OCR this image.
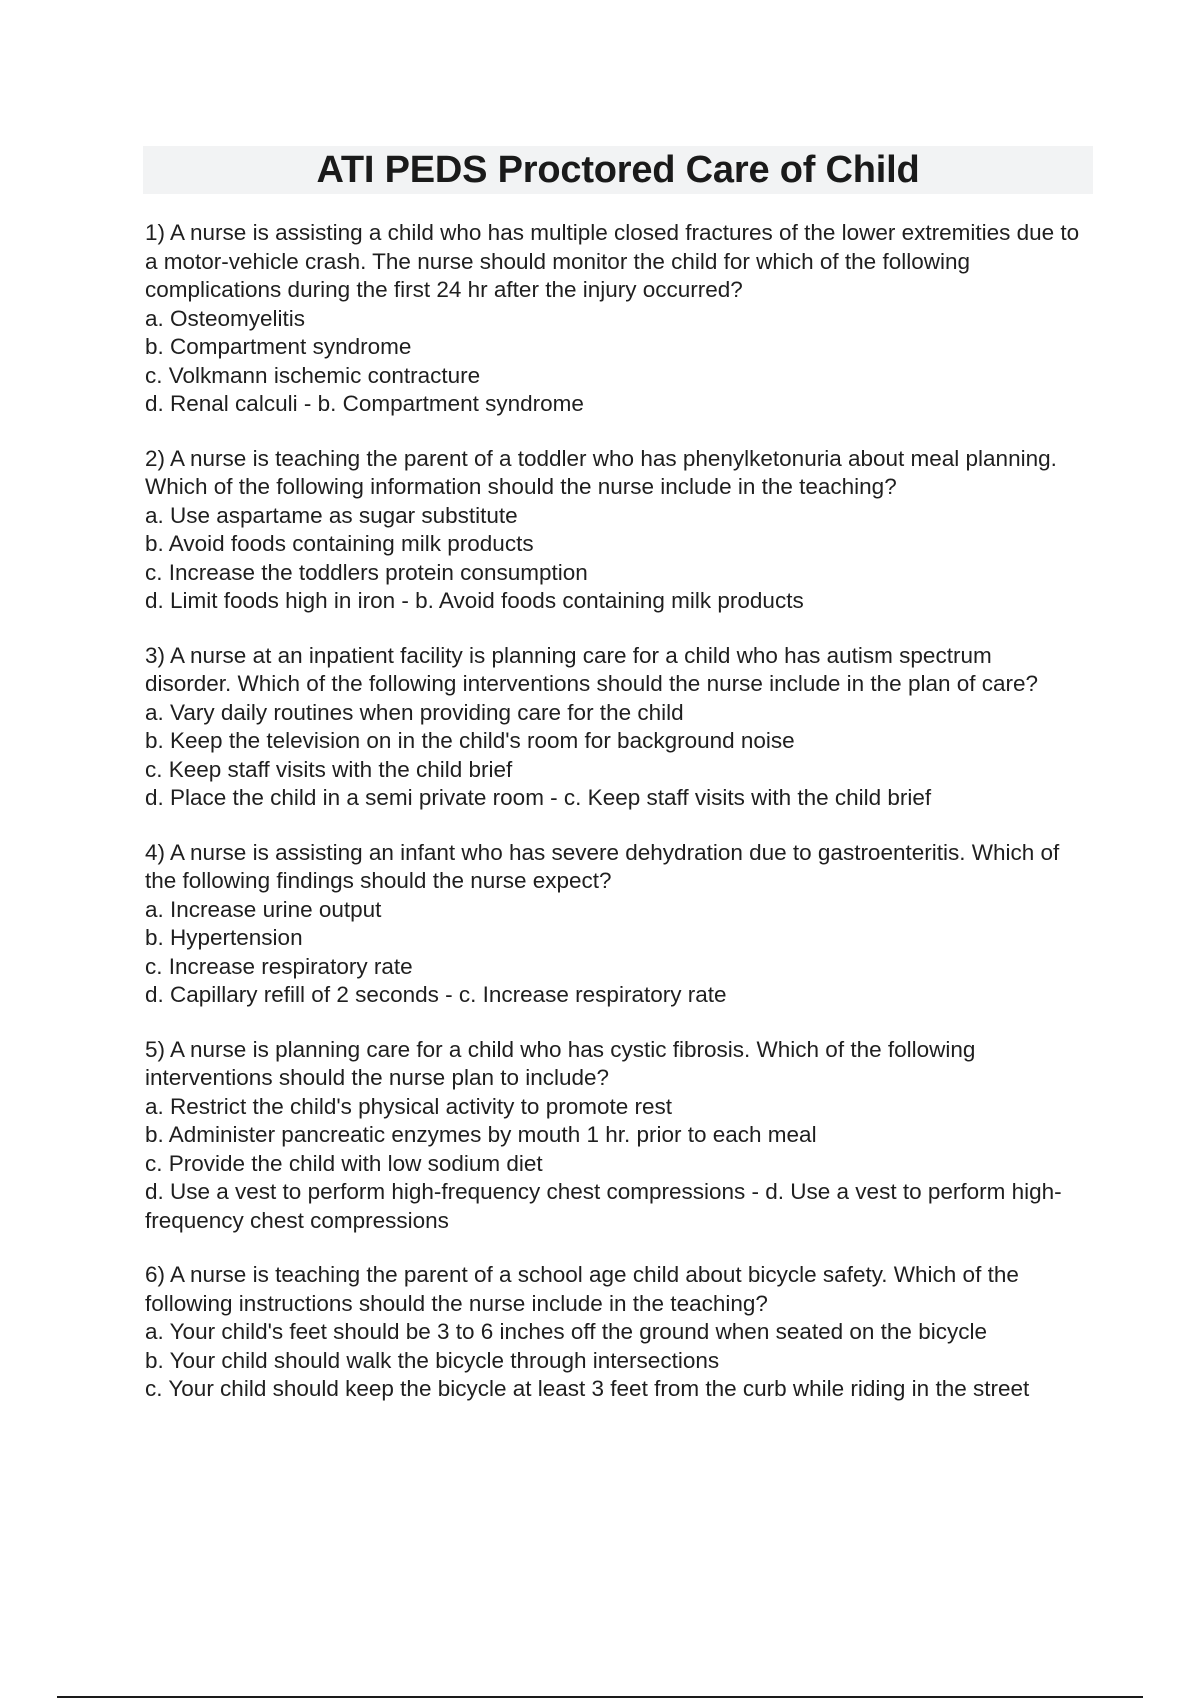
ATI PEDS Proctored Care of Child
1) A nurse is assisting a child who has multiple closed fractures of the lower extremities due to a motor-vehicle crash. The nurse should monitor the child for which of the following complications during the first 24 hr after the injury occurred?
a. Osteomyelitis
b. Compartment syndrome
c. Volkmann ischemic contracture
d. Renal calculi - b. Compartment syndrome
2) A nurse is teaching the parent of a toddler who has phenylketonuria about meal planning. Which of the following information should the nurse include in the teaching?
a. Use aspartame as sugar substitute
b. Avoid foods containing milk products
c. Increase the toddlers protein consumption
d. Limit foods high in iron - b. Avoid foods containing milk products
3) A nurse at an inpatient facility is planning care for a child who has autism spectrum disorder. Which of the following interventions should the nurse include in the plan of care?
a. Vary daily routines when providing care for the child
b. Keep the television on in the child's room for background noise
c. Keep staff visits with the child brief
d. Place the child in a semi private room - c. Keep staff visits with the child brief
4) A nurse is assisting an infant who has severe dehydration due to gastroenteritis. Which of the following findings should the nurse expect?
a. Increase urine output
b. Hypertension
c. Increase respiratory rate
d. Capillary refill of 2 seconds - c. Increase respiratory rate
5) A nurse is planning care for a child who has cystic fibrosis. Which of the following interventions should the nurse plan to include?
a. Restrict the child's physical activity to promote rest
b. Administer pancreatic enzymes by mouth 1 hr. prior to each meal
c. Provide the child with low sodium diet
d. Use a vest to perform high-frequency chest compressions - d. Use a vest to perform high-frequency chest compressions
6) A nurse is teaching the parent of a school age child about bicycle safety. Which of the following instructions should the nurse include in the teaching?
a. Your child's feet should be 3 to 6 inches off the ground when seated on the bicycle
b. Your child should walk the bicycle through intersections
c. Your child should keep the bicycle at least 3 feet from the curb while riding in the street
